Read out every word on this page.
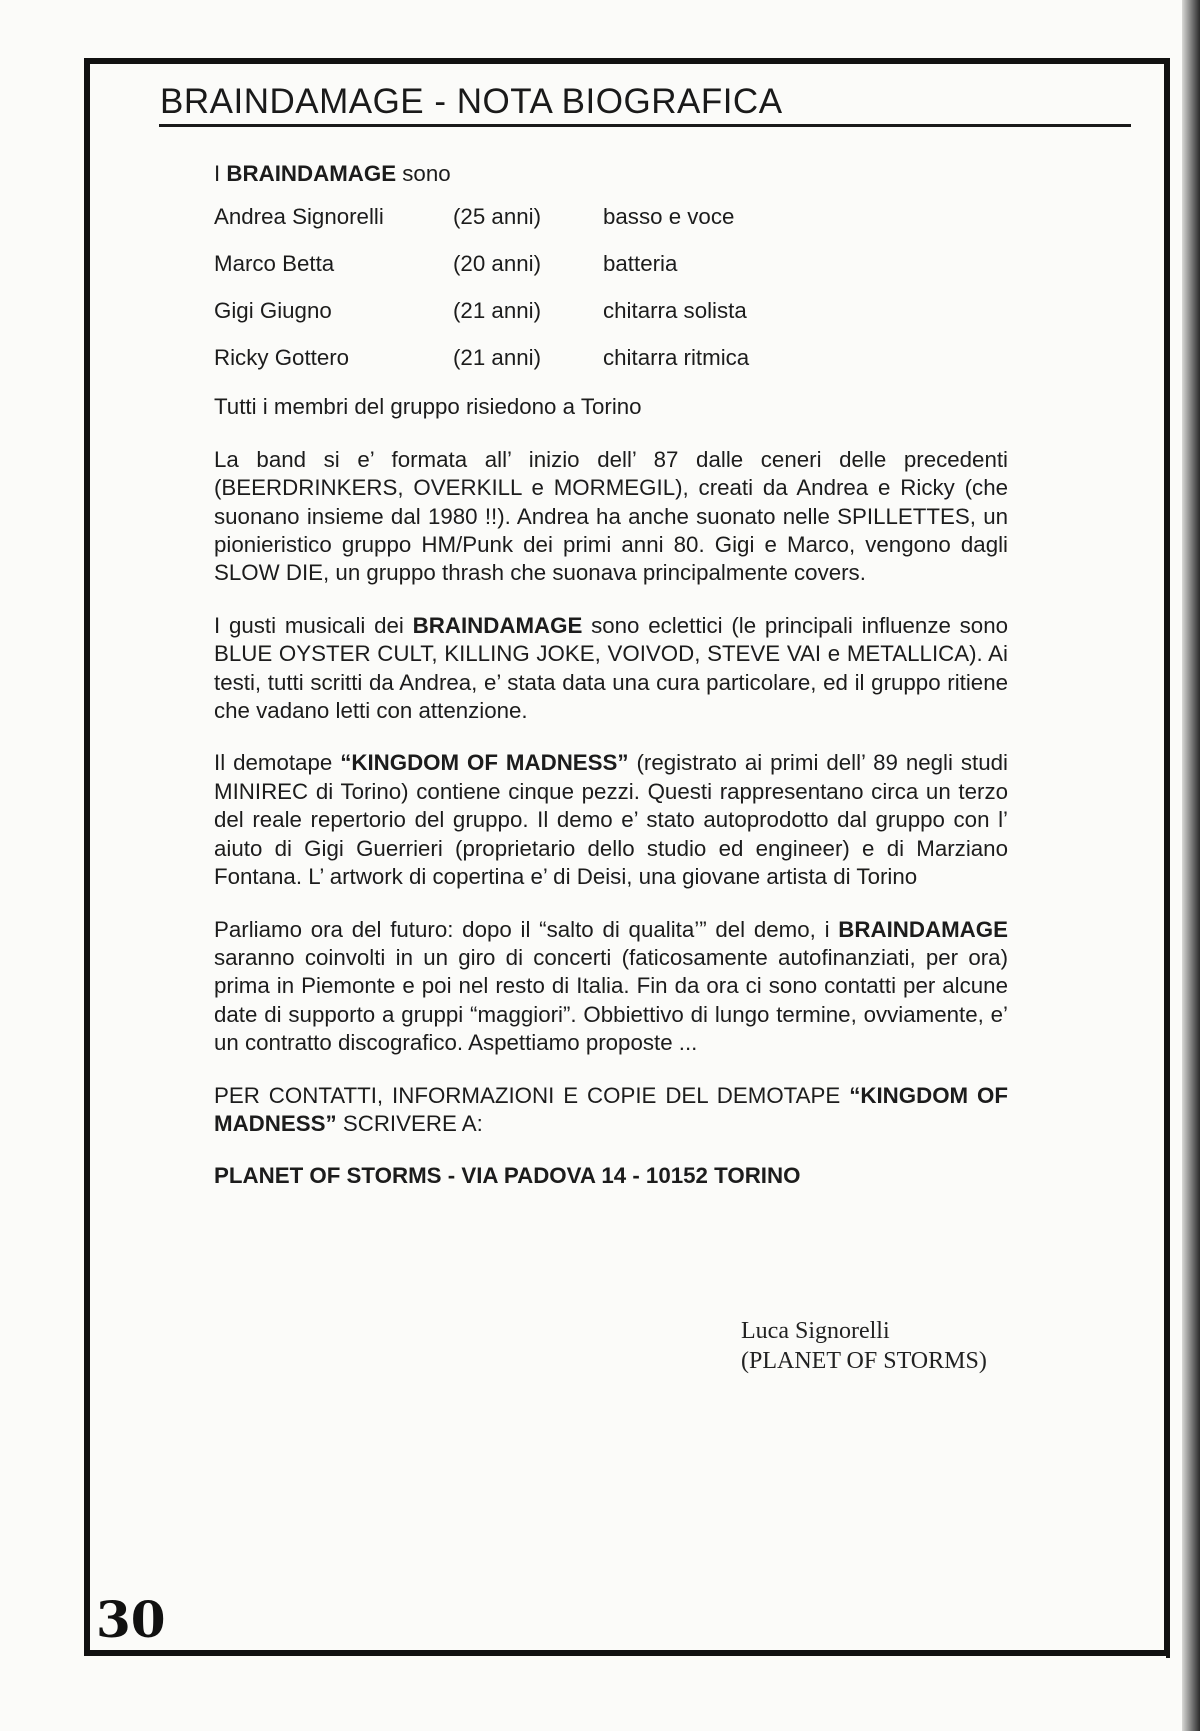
BRAINDAMAGE - NOTA BIOGRAFICA

I BRAINDAMAGE sono

Andrea Signorelli	(25 anni)	basso e voce
Marco Betta	(20 anni)	batteria
Gigi Giugno	(21 anni)	chitarra solista
Ricky Gottero	(21 anni)	chitarra ritmica

Tutti i membri del gruppo risiedono a Torino

La band si e’ formata all’ inizio dell’ 87 dalle ceneri delle precedenti (BEERDRINKERS, OVERKILL e MORMEGIL), creati da Andrea e Ricky (che suonano insieme dal 1980 !!). Andrea ha anche suonato nelle SPILLETTES, un pionieristico gruppo HM/Punk dei primi anni 80. Gigi e Marco, vengono dagli SLOW DIE, un gruppo thrash che suonava principalmente covers.

I gusti musicali dei BRAINDAMAGE sono eclettici (le principali influenze sono BLUE OYSTER CULT, KILLING JOKE, VOIVOD, STEVE VAI e METALLICA). Ai testi, tutti scritti da Andrea, e’ stata data una cura particolare, ed il gruppo ritiene che vadano letti con attenzione.

Il demotape “KINGDOM OF MADNESS” (registrato ai primi dell’ 89 negli studi MINIREC di Torino) contiene cinque pezzi. Questi rappresentano circa un terzo del reale repertorio del gruppo. Il demo e’ stato autoprodotto dal gruppo con l’ aiuto di Gigi Guerrieri (proprietario dello studio ed engineer) e di Marziano Fontana. L’ artwork di copertina e’ di Deisi, una giovane artista di Torino

Parliamo ora del futuro: dopo il “salto di qualita’” del demo, i BRAINDAMAGE saranno coinvolti in un giro di concerti (faticosamente autofinanziati, per ora) prima in Piemonte e poi nel resto di Italia. Fin da ora ci sono contatti per alcune date di supporto a gruppi “maggiori”. Obbiettivo di lungo termine, ovviamente, e’ un contratto discografico. Aspettiamo proposte ...

PER CONTATTI, INFORMAZIONI E COPIE DEL DEMOTAPE “KINGDOM OF MADNESS” SCRIVERE A:

PLANET OF STORMS - VIA PADOVA 14 - 10152 TORINO

Luca Signorelli
(PLANET OF STORMS)
30
